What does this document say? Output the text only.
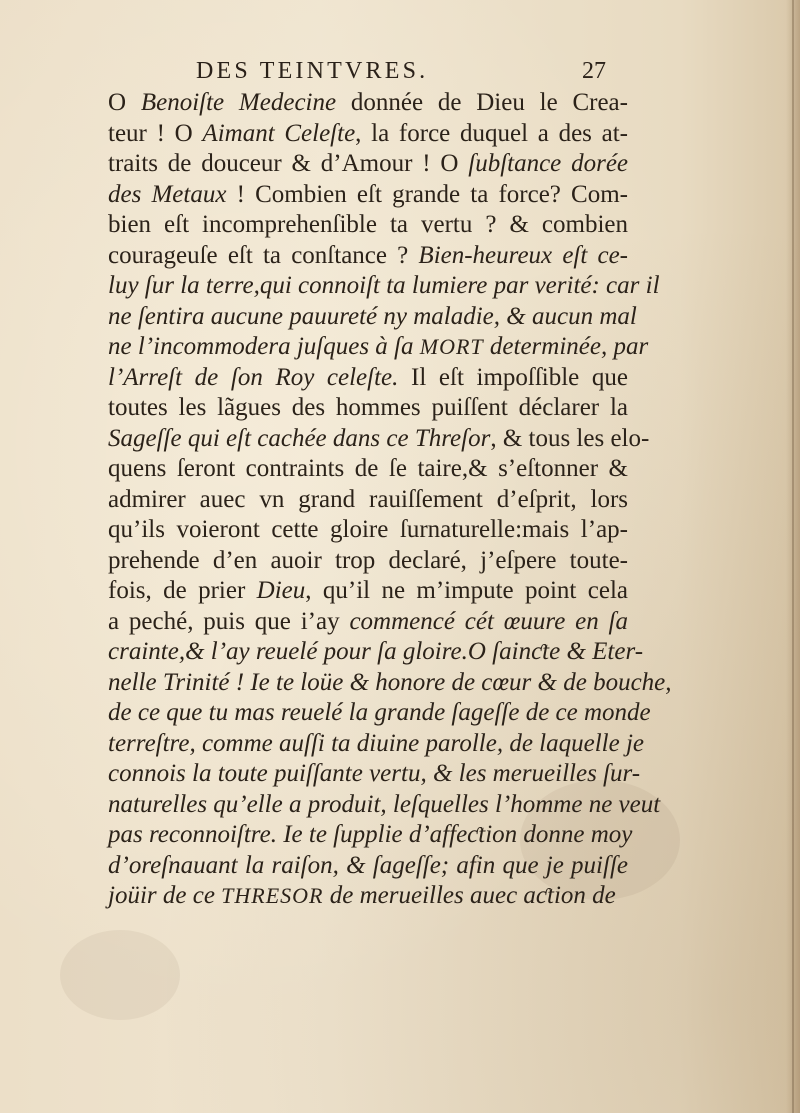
DES TEINTVRES.	27
O Benoiſte Medecine donnée de Dieu le Crea-
teur ! O Aimant Celeſte, la force duquel a des at-
traits de douceur & d’Amour ! O ſubſtance dorée
des Metaux ! Combien eſt grande ta force? Com-
bien eſt incomprehenſible ta vertu ? & combien
courageuſe eſt ta conſtance ? Bien-heureux eſt ce-
luy ſur la terre,qui connoiſt ta lumiere par verité: car il
ne ſentira aucune pauureté ny maladie, & aucun mal
ne l’incommodera juſques à ſa MORT determinée, par
l’Arreſt de ſon Roy celeſte. Il eſt impoſſible que
toutes les lãgues des hommes puiſſent déclarer la
Sageſſe qui eſt cachée dans ce Threſor, & tous les elo-
quens ſeront contraints de ſe taire,& s’eſtonner &
admirer auec vn grand rauiſſement d’eſprit, lors
qu’ils voieront cette gloire ſurnaturelle:mais l’ap-
prehende d’en auoir trop declaré, j’eſpere toute-
fois, de prier Dieu, qu’il ne m’impute point cela
a peché, puis que i’ay commencé cét œuure en ſa
crainte,& l’ay reuelé pour ſa gloire.O ſainƈte & Eter-
nelle Trinité ! Ie te loüe & honore de cœur & de bouche,
de ce que tu mas reuelé la grande ſageſſe de ce monde
terreſtre, comme auſſi ta diuine parolle, de laquelle je
connois la toute puiſſante vertu, & les merueilles ſur-
naturelles qu’elle a produit, leſquelles l’homme ne veut
pas reconnoiſtre. Ie te ſupplie d’affeƈtion donne moy
d’oreſnauant la raiſon, & ſageſſe; afin que je puiſſe
joüir de ce THRESOR de merueilles auec aƈtion de
